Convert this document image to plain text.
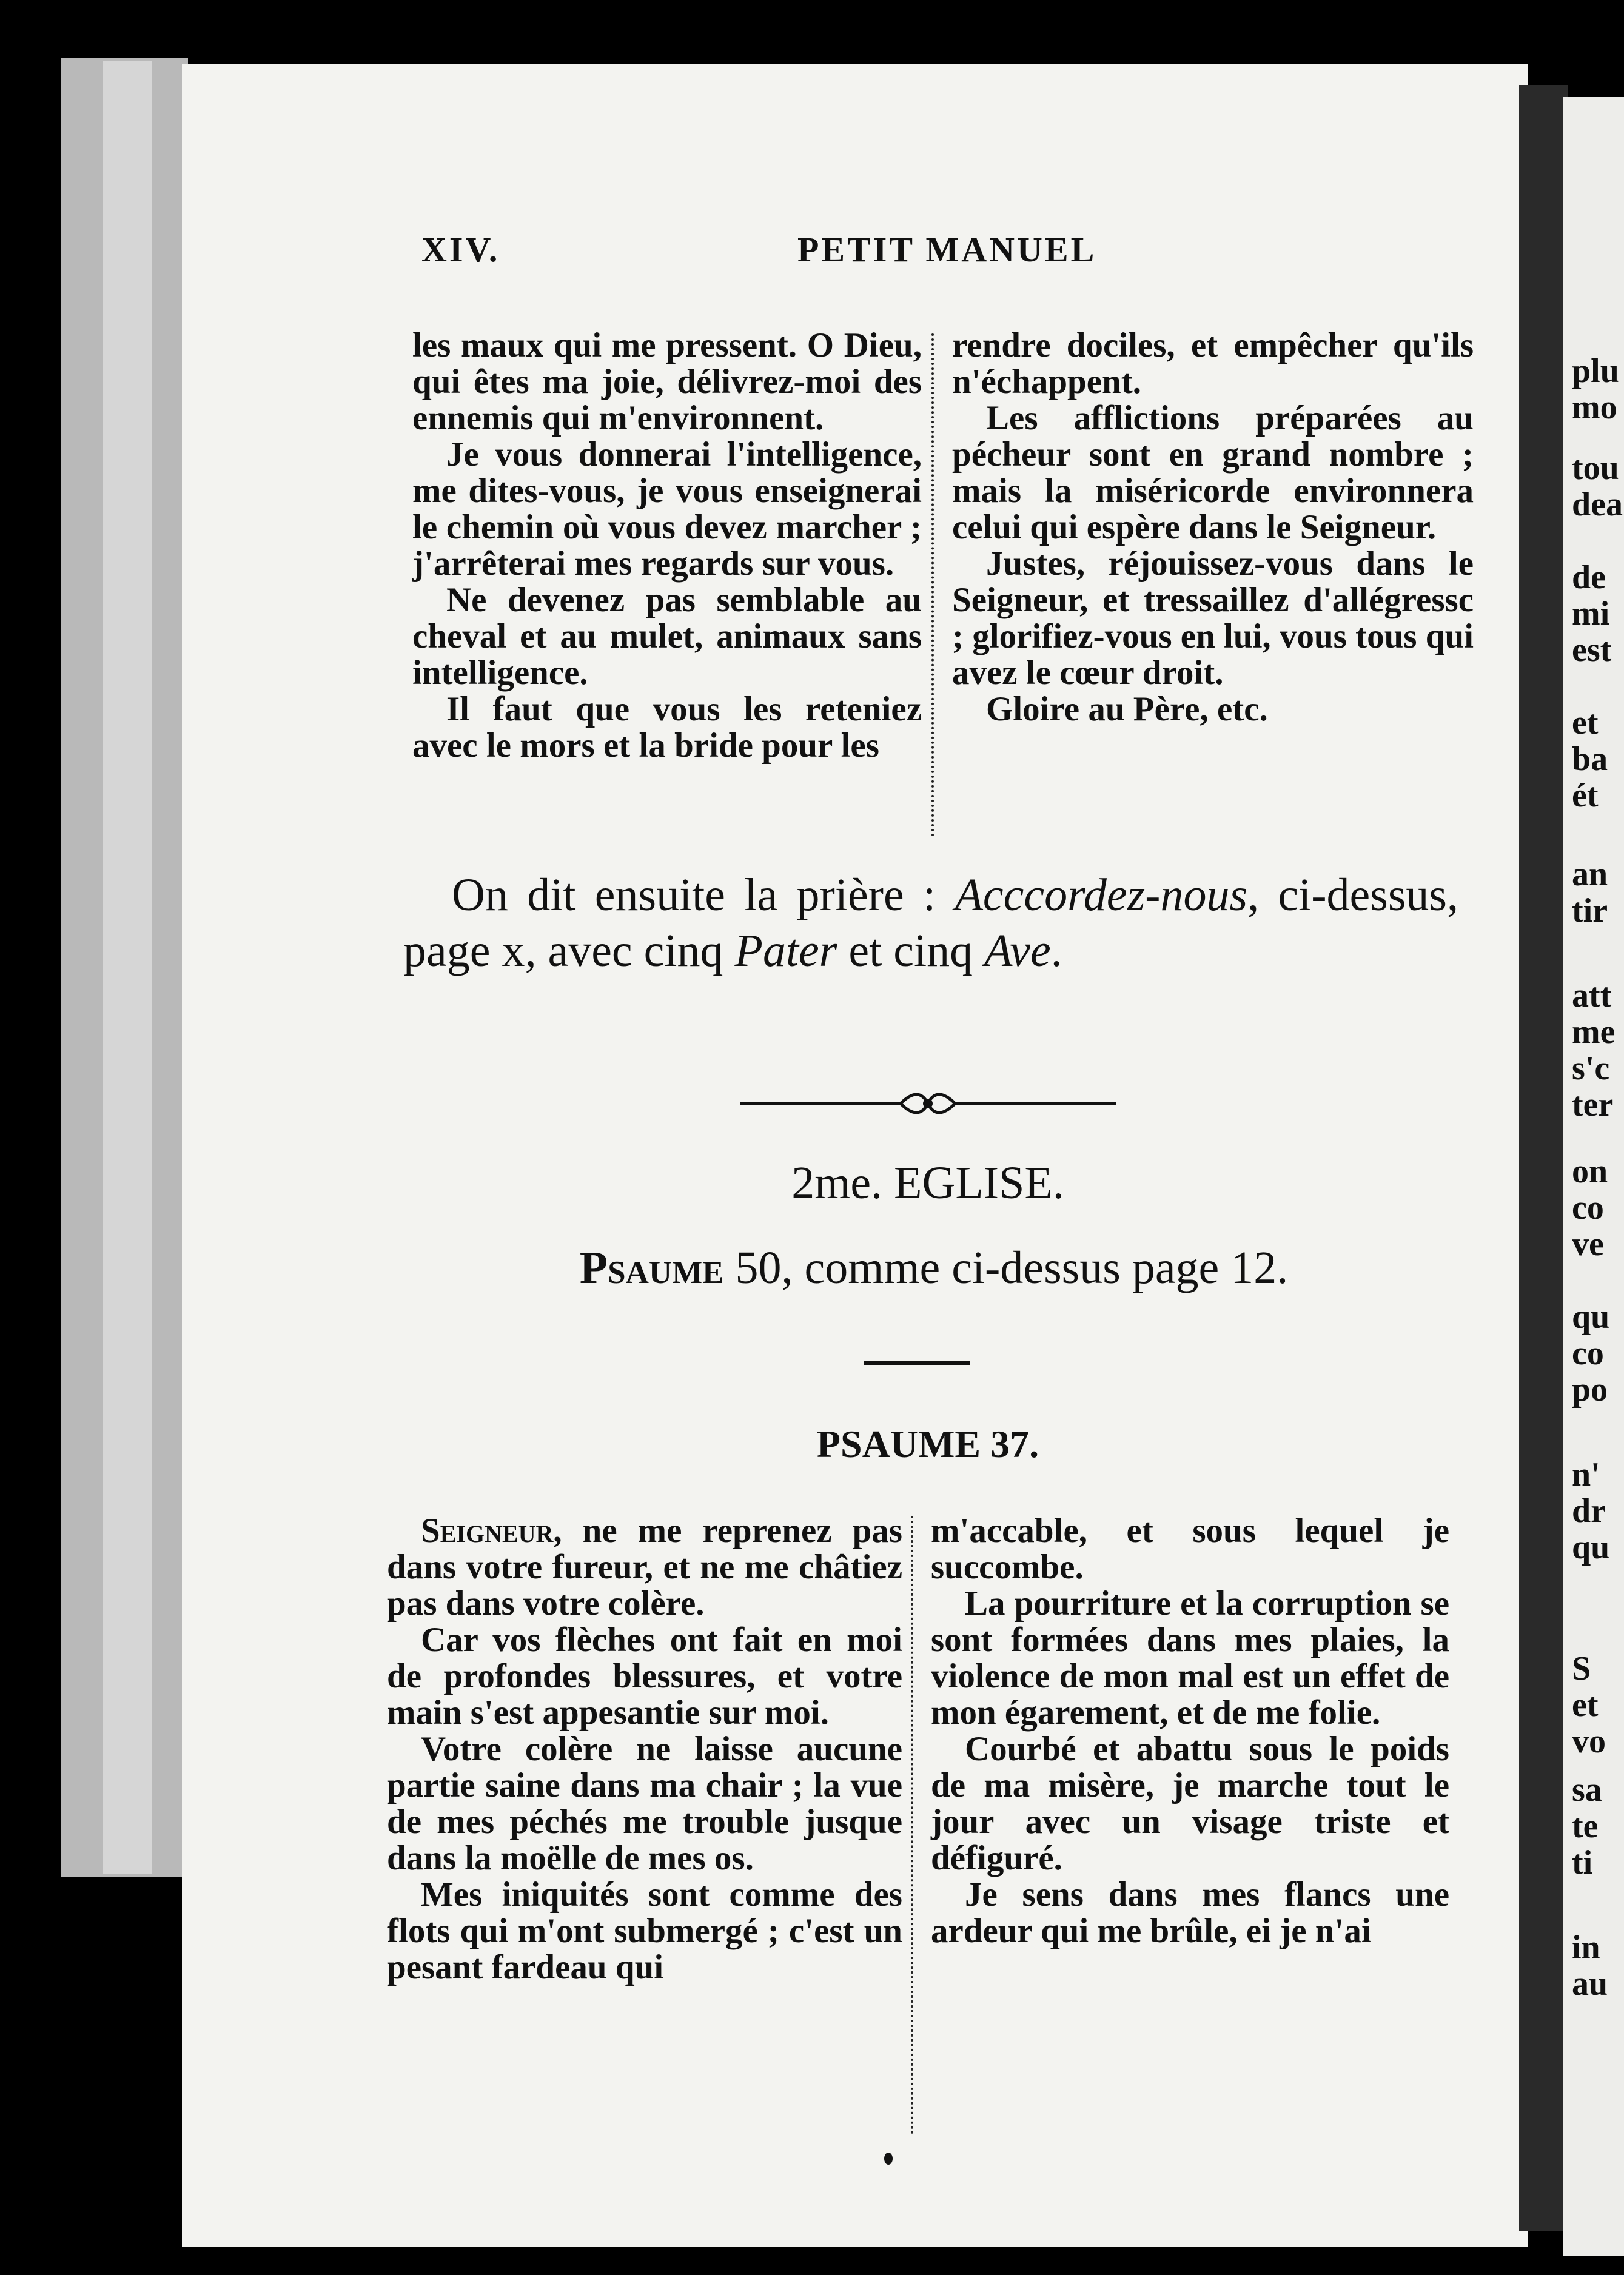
XIV.	PETIT MANUEL

les maux qui me pressent. O Dieu, qui êtes ma joie, délivrez-moi des ennemis qui m'environnent.

Je vous donnerai l'intelligence, me dites-vous, je vous enseignerai le chemin où vous devez marcher ; j'arrêterai mes regards sur vous.

Ne devenez pas semblable au cheval et au mulet, animaux sans intelligence.

Il faut que vous les reteniez avec le mors et la bride pour les

rendre dociles, et empêcher qu'ils n'échappent.

Les afflictions préparées au pécheur sont en grand nombre ; mais la miséricorde environnera celui qui espère dans le Seigneur.

Justes, réjouissez-vous dans le Seigneur, et tressaillez d'allégressc ; glorifiez-vous en lui, vous tous qui avez le cœur droit.

Gloire au Père, etc.

On dit ensuite la prière : Acccordez-nous, ci-dessus, page x, avec cinq Pater et cinq Ave.
2me. EGLISE.
Psaume 50, comme ci-dessus page 12.
PSAUME 37.

Seigneur, ne me reprenez pas dans votre fureur, et ne me châtiez pas dans votre colère.

Car vos flèches ont fait en moi de profondes blessures, et votre main s'est appesantie sur moi.

Votre colère ne laisse aucune partie saine dans ma chair ; la vue de mes péchés me trouble jusque dans la moëlle de mes os.

Mes iniquités sont comme des flots qui m'ont submergé ; c'est un pesant fardeau qui

m'accable, et sous lequel je succombe.

La pourriture et la corruption se sont formées dans mes plaies, la violence de mon mal est un effet de mon égarement, et de me folie.

Courbé et abattu sous le poids de ma misère, je marche tout le jour avec un visage triste et défiguré.

Je sens dans mes flancs une ardeur qui me brûle, ei je n'ai

plu
mo
tou
dea
de
mi
est
et
ba
ét
an
tir
att
me
s'c
ter
on
co
ve
qu
co
po
n'
dr
qu
S
et
vo
sa
te
ti
in
au
